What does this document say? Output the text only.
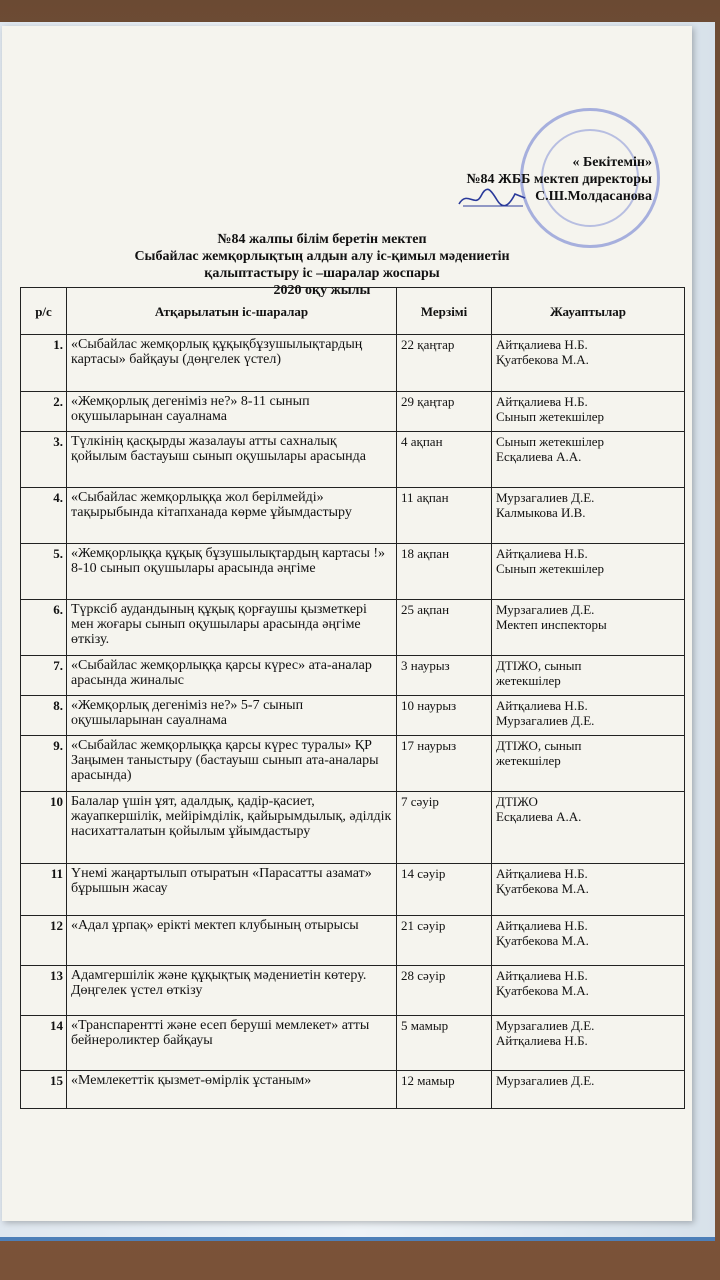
« Бекітемін»
№84 ЖББ мектеп директоры
С.Ш.Молдасанова
№84 жалпы білім беретін мектеп
Сыбайлас жемқорлықтың алдын алу іс-қимыл мәдениетін
қалыптастыру іс –шаралар жоспары
2020 оқу жылы
р/с	Атқарылатын іс-шаралар	Мерзімі	Жауаптылар
1.	«Сыбайлас жемқорлық құқықбұзушылықтардың картасы» байқауы (дөңгелек үстел)	22 қаңтар	Айтқалиева Н.Б.
Қуатбекова М.А.

2.	«Жемқорлық дегеніміз не?» 8-11 сынып оқушыларынан сауалнама	29 қаңтар	Айтқалиева Н.Б.
Сынып жетекшілер

3.	Түлкінің қасқырды жазалауы атты сахналық қойылым бастауыш сынып оқушылары арасында	4 ақпан	Сынып жетекшілер
Есқалиева А.А.

4.	«Сыбайлас жемқорлыққа жол берілмейді» тақырыбында кітапханада көрме ұйымдастыру	11 ақпан	Мурзагалиев Д.Е.
Калмыкова И.В.

5.	«Жемқорлыққа құқық бұзушылықтардың картасы !» 8-10 сынып оқушылары арасында әңгіме	18 ақпан	Айтқалиева Н.Б.
Сынып жетекшілер

6.	Түрксіб аудандының құқық қорғаушы қызметкері мен жоғары сынып оқушылары арасында әңгіме өткізу.	25 ақпан	Мурзагалиев Д.Е.
Мектеп инспекторы

7.	«Сыбайлас жемқорлыққа қарсы күрес» ата-аналар арасында жиналыс	3 наурыз	ДТІЖО, сынып
жетекшілер

8.	«Жемқорлық дегеніміз не?» 5-7 сынып оқушыларынан сауалнама	10 наурыз	Айтқалиева Н.Б.
Мурзагалиев Д.Е.

9.	«Сыбайлас жемқорлыққа қарсы күрес туралы» ҚР Заңымен таныстыру (бастауыш сынып ата-аналары арасында)	17 наурыз	ДТІЖО, сынып
жетекшілер

10	Балалар үшін ұят, адалдық, қадір-қасиет, жауапкершілік, мейірімділік, қайырымдылық, әділдік насихатталатын қойылым ұйымдастыру	7 сәуір	ДТІЖО
Есқалиева А.А.

11	Үнемі жаңартылып отыратын «Парасатты азамат» бұрышын жасау	14 сәуір	Айтқалиева Н.Б.
Қуатбекова М.А.

12	«Адал ұрпақ» еріктi мектеп клубының отырысы	21 сәуір	Айтқалиева Н.Б.
Қуатбекова М.А.

13	Адамгершілік және құқықтық мәдениетін көтеру. Дөңгелек үстел өткізу	28 сәуір	Айтқалиева Н.Б.
Қуатбекова М.А.

14	«Транспарентті және есеп беруші мемлекет» атты бейнероликтер байқауы	5 мамыр	Мурзагалиев Д.Е.
Айтқалиева Н.Б.

15	«Мемлекеттік қызмет-өмірлік ұстаным»	12 мамыр	Мурзагалиев Д.Е.
